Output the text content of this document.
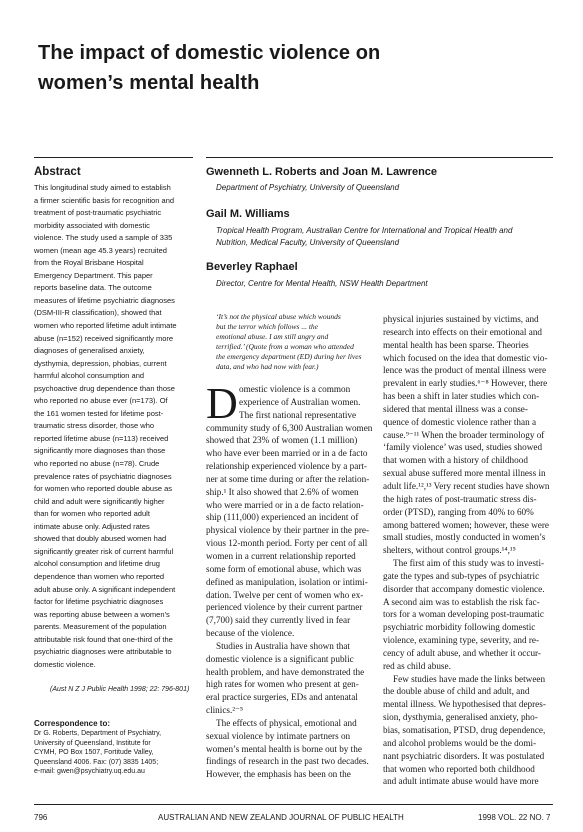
The impact of domestic violence on
women’s mental health
Abstract
This longitudinal study aimed to establish
a firmer scientific basis for recognition and
treatment of post-traumatic psychiatric
morbidity associated with domestic
violence. The study used a sample of 335
women (mean age 45.3 years) recruited
from the Royal Brisbane Hospital
Emergency Department. This paper
reports baseline data. The outcome
measures of lifetime psychiatric diagnoses
(DSM-III-R classification), showed that
women who reported lifetime adult intimate
abuse (n=152) received significantly more
diagnoses of generalised anxiety,
dysthymia, depression, phobias, current
harmful alcohol consumption and
psychoactive drug dependence than those
who reported no abuse ever (n=173). Of
the 161 women tested for lifetime post-
traumatic stress disorder, those who
reported lifetime abuse (n=113) received
significantly more diagnoses than those
who reported no abuse (n=78). Crude
prevalence rates of psychiatric diagnoses
for women who reported double abuse as
child and adult were significantly higher
than for women who reported adult
intimate abuse only. Adjusted rates
showed that doubly abused women had
significantly greater risk of current harmful
alcohol consumption and lifetime drug
dependence than women who reported
adult abuse only. A significant independent
factor for lifetime psychiatric diagnoses
was reporting abuse between a women’s
parents. Measurement of the population
attributable risk found that one-third of the
psychiatric diagnoses were attributable to
domestic violence.
(Aust N Z J Public Health 1998; 22: 796-801)
Correspondence to:
Dr G. Roberts, Department of Psychiatry,
University of Queensland, Institute for
CYMH, PO Box 1507, Fortitude Valley,
Queensland 4006. Fax: (07) 3835 1405;
e-mail: gwen@psychiatry.uq.edu.au
Gwenneth L. Roberts and Joan M. Lawrence
Department of Psychiatry, University of Queensland
Gail M. Williams
Tropical Health Program, Australian Centre for International and Tropical Health and
Nutrition, Medical Faculty, University of Queensland
Beverley Raphael
Director, Centre for Mental Health, NSW Health Department
‘It’s not the physical abuse which wounds
but the terror which follows ... the
emotional abuse. I am still angry and
terrified.’ (Quote from a woman who attended
the emergency department (ED) during her lives
data, and who had now with fear.)
D omestic violence is a common
experience of Australian women.
The first national representative
community study of 6,300 Australian women
showed that 23% of women (1.1 million)
who have ever been married or in a de facto
relationship experienced violence by a part-
ner at some time during or after the relation-
ship.¹ It also showed that 2.6% of women
who were married or in a de facto relation-
ship (111,000) experienced an incident of
physical violence by their partner in the pre-
vious 12-month period. Forty per cent of all
women in a current relationship reported
some form of emotional abuse, which was
defined as manipulation, isolation or intimi-
dation. Twelve per cent of women who ex-
perienced violence by their current partner
(7,700) said they currently lived in fear
because of the violence.
Studies in Australia have shown that
domestic violence is a significant public
health problem, and have demonstrated the
high rates for women who present at gen-
eral practice surgeries, EDs and antenatal
clinics.²⁻⁵
The effects of physical, emotional and
sexual violence by intimate partners on
women’s mental health is borne out by the
findings of research in the past two decades.
However, the emphasis has been on the
physical injuries sustained by victims, and
research into effects on their emotional and
mental health has been sparse. Theories
which focused on the idea that domestic vio-
lence was the product of mental illness were
prevalent in early studies.⁶⁻⁸ However, there
has been a shift in later studies which con-
sidered that mental illness was a conse-
quence of domestic violence rather than a
cause.⁹⁻¹¹ When the broader terminology of
‘family violence’ was used, studies showed
that women with a history of childhood
sexual abuse suffered more mental illness in
adult life.¹²,¹³ Very recent studies have shown
the high rates of post-traumatic stress dis-
order (PTSD), ranging from 40% to 60%
among battered women; however, these were
small studies, mostly conducted in women’s
shelters, without control groups.¹⁴,¹⁵
The first aim of this study was to investi-
gate the types and sub-types of psychiatric
disorder that accompany domestic violence.
A second aim was to establish the risk fac-
tors for a woman developing post-traumatic
psychiatric morbidity following domestic
violence, examining type, severity, and re-
cency of adult abuse, and whether it occur-
red as child abuse.
Few studies have made the links between
the double abuse of child and adult, and
mental illness. We hypothesised that depres-
sion, dysthymia, generalised anxiety, pho-
bias, somatisation, PTSD, drug dependence,
and alcohol problems would be the domi-
nant psychiatric disorders. It was postulated
that women who reported both childhood
and adult intimate abuse would have more
796	AUSTRALIAN AND NEW ZEALAND JOURNAL OF PUBLIC HEALTH	1998 VOL. 22 NO. 7
